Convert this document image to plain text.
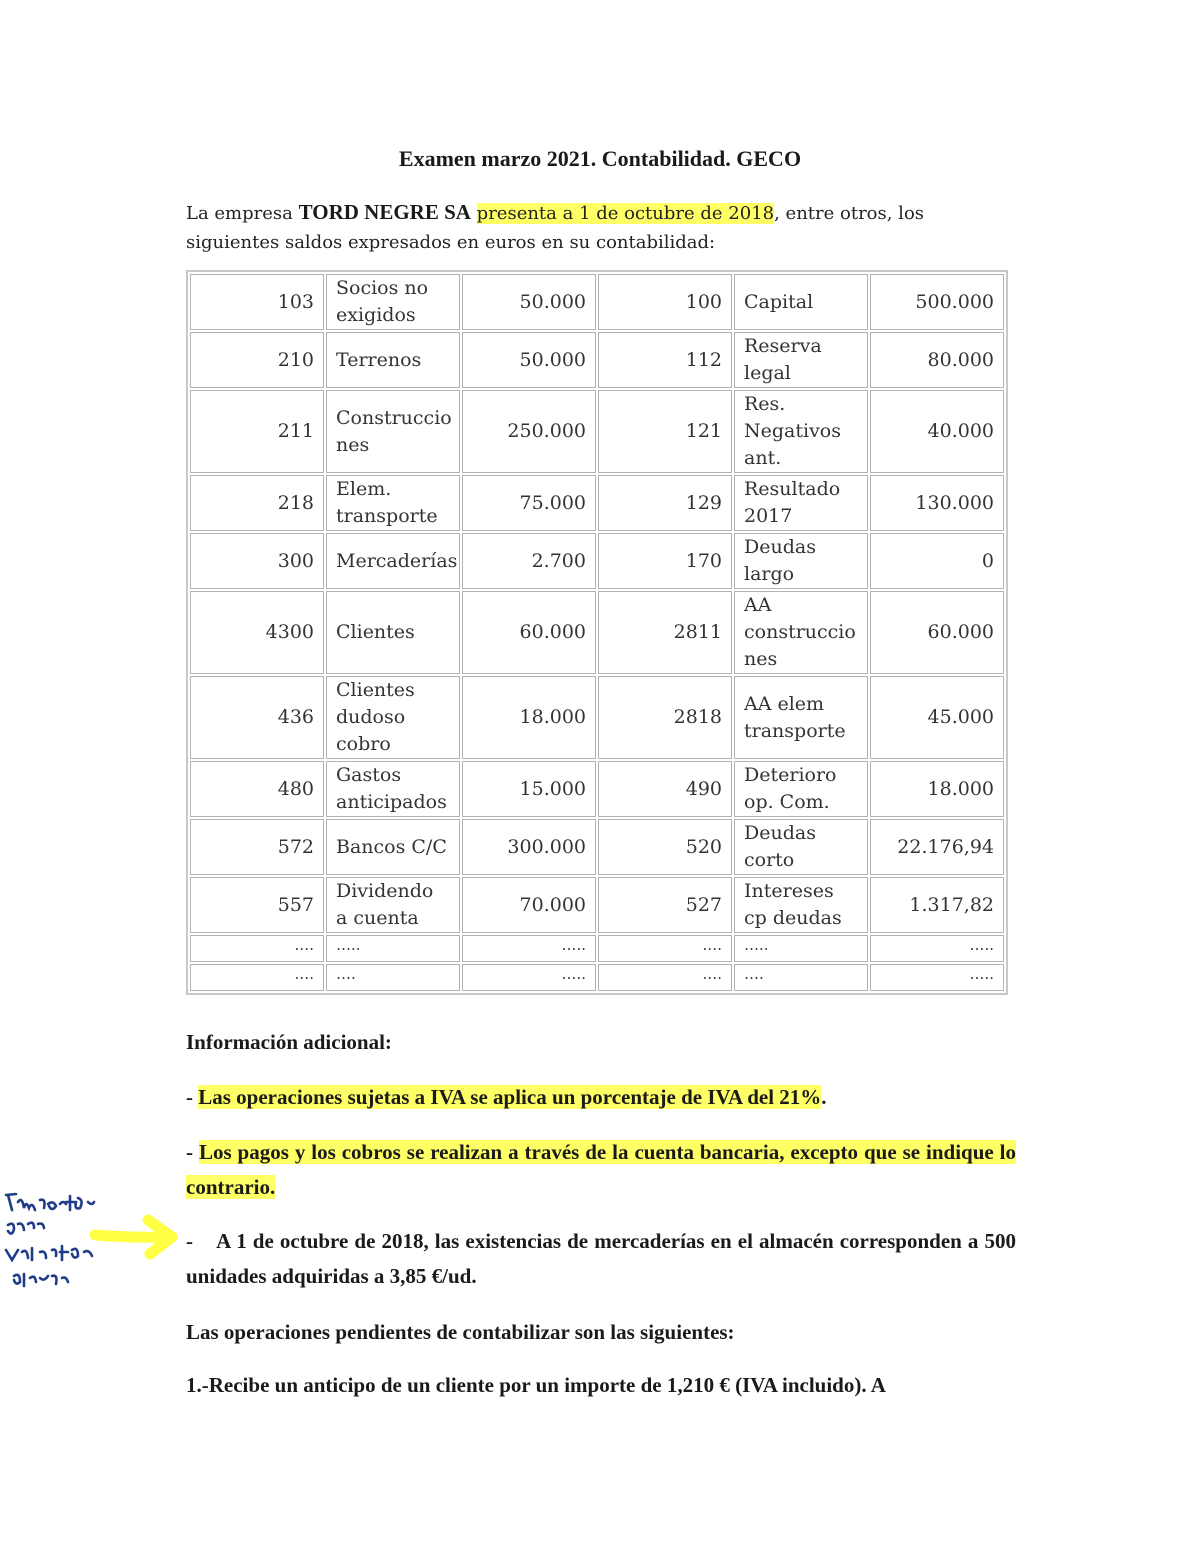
Examen marzo 2021. Contabilidad. GECO
La empresa TORD NEGRE SA presenta a 1 de octubre de 2018, entre otros, los siguientes saldos expresados en euros en su contabilidad:
103	Socios no exigidos	50.000	100	Capital	500.000
210	Terrenos	50.000	112	Reserva legal	80.000
211	Construccio nes	250.000	121	Res. Negativos ant.	40.000
218	Elem. transporte	75.000	129	Resultado 2017	130.000
300	Mercaderías	2.700	170	Deudas largo	0
4300	Clientes	60.000	2811	AA construccio nes	60.000
436	Clientes dudoso cobro	18.000	2818	AA elem transporte	45.000
480	Gastos anticipados	15.000	490	Deterioro op. Com.	18.000
572	Bancos C/C	300.000	520	Deudas corto	22.176,94
557	Dividendo a cuenta	70.000	527	Intereses cp deudas	1.317,82
….	…..	…..	….	…..	…..
….	….	…..	….	….	…..
Información adicional:
- Las operaciones sujetas a IVA se aplica un porcentaje de IVA del 21%.
- Los pagos y los cobros se realizan a través de la cuenta bancaria, excepto que se indique lo contrario.
-    A 1 de octubre de 2018, las existencias de mercaderías en el almacén corresponden a 500 unidades adquiridas a 3,85 €/ud.
Las operaciones pendientes de contabilizar son las siguientes:
1.-Recibe un anticipo de un cliente por un importe de 1,210 € (IVA incluido). A
